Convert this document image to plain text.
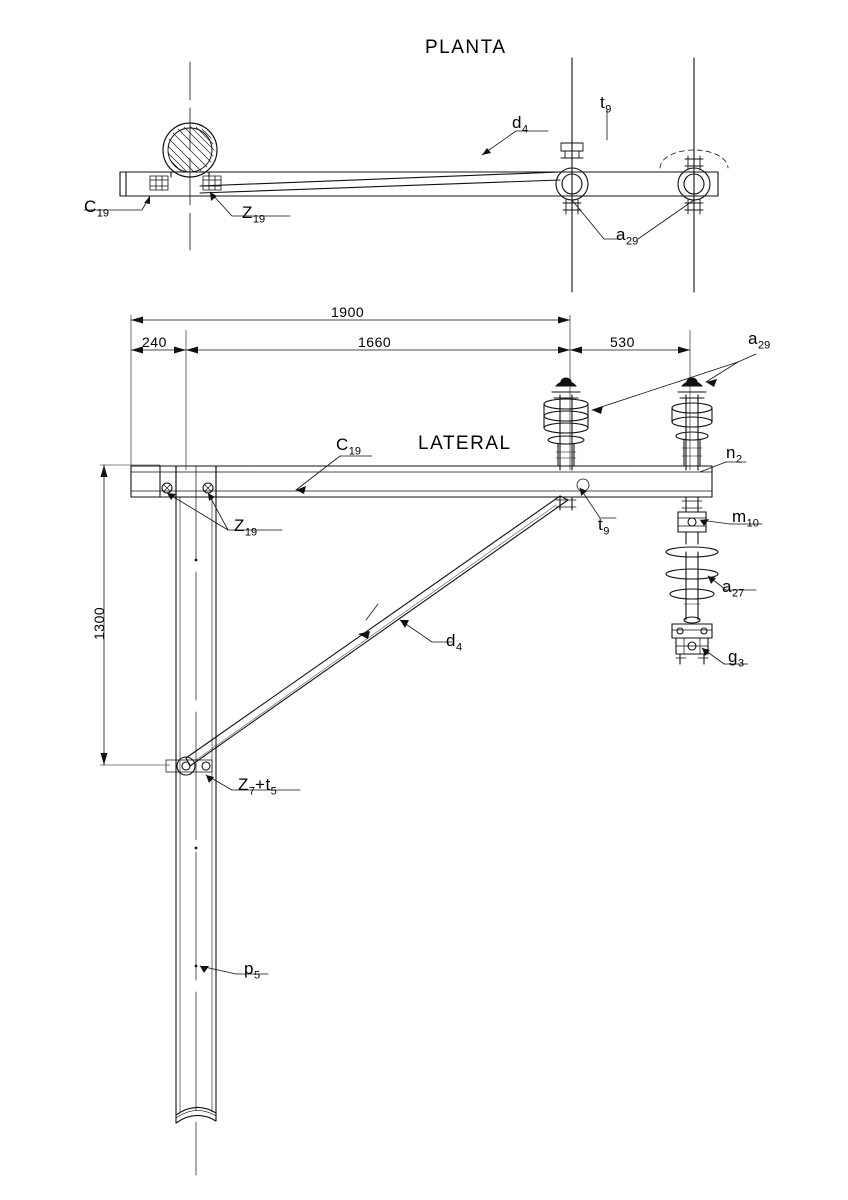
PLANTA
LATERAL
$d_4$
$t_9$
$C_{19}$	$Z_{19}$
$a_{29}$
1900
240	1660	530
1300
$a_{29}$
$C_{19}$	$n_2$
$Z_{19}$
$m_{10}$
$t_9$
$a_{27}$
$d_4$	$g_3$
$Z_7+t_5$
$p_5$
